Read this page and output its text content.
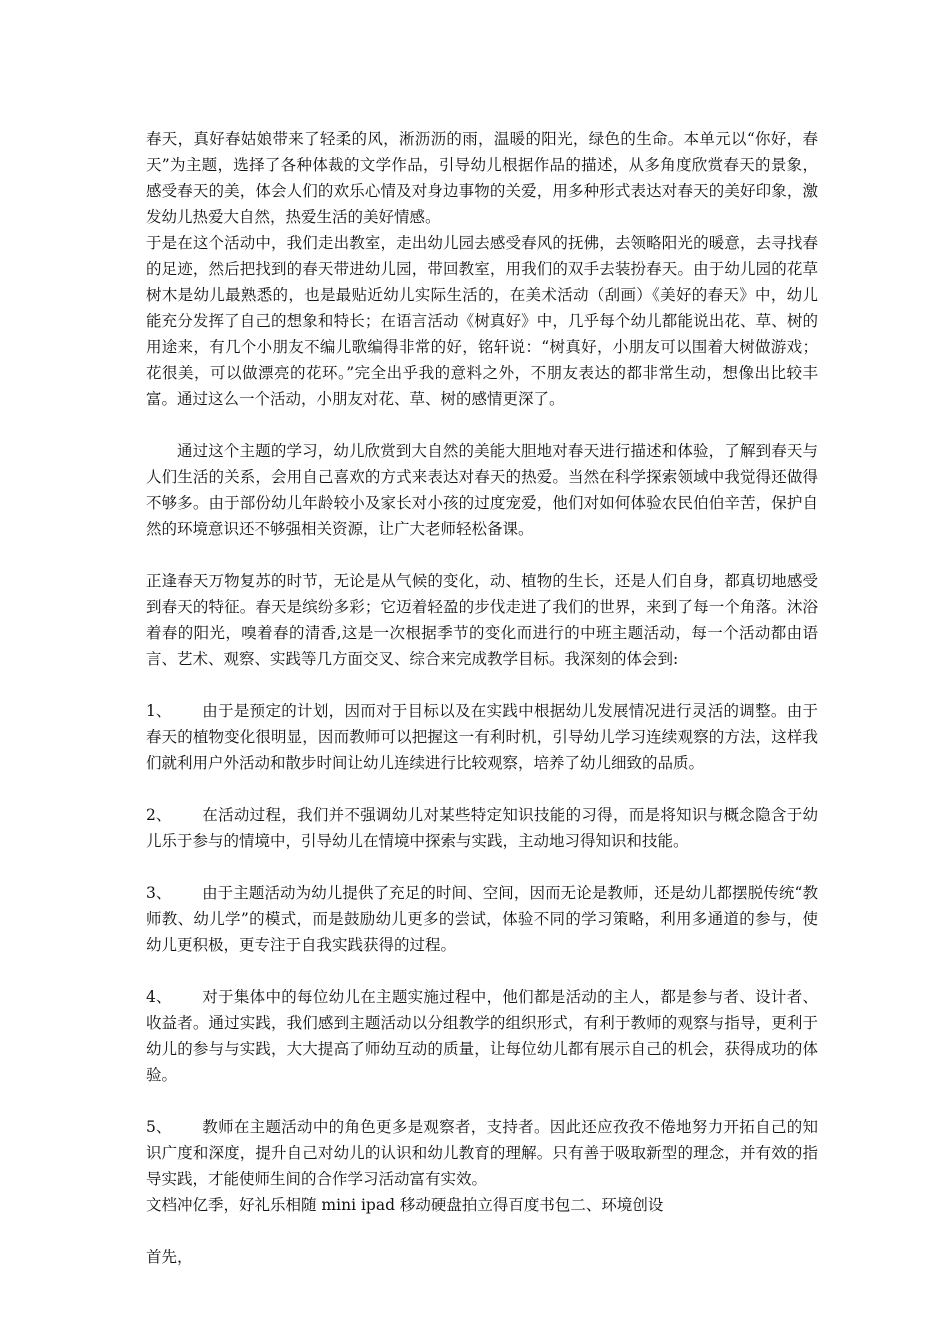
春天，真好春姑娘带来了轻柔的风，淅沥沥的雨，温暖的阳光，绿色的生命。本单元以“你好，春天”为主题，选择了各种体裁的文学作品，引导幼儿根据作品的描述，从多角度欣赏春天的景象，感受春天的美，体会人们的欢乐心情及对身边事物的关爱，用多种形式表达对春天的美好印象，激发幼儿热爱大自然，热爱生活的美好情感。

于是在这个活动中，我们走出教室，走出幼儿园去感受春风的抚佛，去领略阳光的暖意，去寻找春的足迹，然后把找到的春天带进幼儿园，带回教室，用我们的双手去装扮春天。由于幼儿园的花草树木是幼儿最熟悉的，也是最贴近幼儿实际生活的，在美术活动（刮画）《美好的春天》中，幼儿能充分发挥了自己的想象和特长；在语言活动《树真好》中，几乎每个幼儿都能说出花、草、树的用途来，有几个小朋友不编儿歌编得非常的好，铭轩说：“树真好，小朋友可以围着大树做游戏；花很美，可以做漂亮的花环。”完全出乎我的意料之外，不朋友表达的都非常生动，想像出比较丰富。通过这么一个活动，小朋友对花、草、树的感情更深了。

通过这个主题的学习，幼儿欣赏到大自然的美能大胆地对春天进行描述和体验，了解到春天与人们生活的关系，会用自己喜欢的方式来表达对春天的热爱。当然在科学探索领域中我觉得还做得不够多。由于部份幼儿年龄较小及家长对小孩的过度宠爱，他们对如何体验农民伯伯辛苦，保护自然的环境意识还不够强相关资源，让广大老师轻松备课。

正逢春天万物复苏的时节，无论是从气候的变化，动、植物的生长，还是人们自身，都真切地感受到春天的特征。春天是缤纷多彩；它迈着轻盈的步伐走进了我们的世界，来到了每一个角落。沐浴着春的阳光，嗅着春的清香,这是一次根据季节的变化而进行的中班主题活动，每一个活动都由语言、艺术、观察、实践等几方面交叉、综合来完成教学目标。我深刻的体会到:

1、 由于是预定的计划，因而对于目标以及在实践中根据幼儿发展情况进行灵活的调整。由于春天的植物变化很明显，因而教师可以把握这一有利时机，引导幼儿学习连续观察的方法，这样我们就利用户外活动和散步时间让幼儿连续进行比较观察，培养了幼儿细致的品质。

2、 在活动过程，我们并不强调幼儿对某些特定知识技能的习得，而是将知识与概念隐含于幼儿乐于参与的情境中，引导幼儿在情境中探索与实践，主动地习得知识和技能。

3、 由于主题活动为幼儿提供了充足的时间、空间，因而无论是教师，还是幼儿都摆脱传统“教师教、幼儿学”的模式，而是鼓励幼儿更多的尝试，体验不同的学习策略，利用多通道的参与，使幼儿更积极，更专注于自我实践获得的过程。

4、 对于集体中的每位幼儿在主题实施过程中，他们都是活动的主人，都是参与者、设计者、收益者。通过实践，我们感到主题活动以分组教学的组织形式，有利于教师的观察与指导，更利于幼儿的参与与实践，大大提高了师幼互动的质量，让每位幼儿都有展示自己的机会，获得成功的体验。

5、 教师在主题活动中的角色更多是观察者，支持者。因此还应孜孜不倦地努力开拓自己的知识广度和深度，提升自己对幼儿的认识和幼儿教育的理解。只有善于吸取新型的理念，并有效的指导实践，才能使师生间的合作学习活动富有实效。

文档冲亿季，好礼乐相随 mini ipad 移动硬盘拍立得百度书包二、环境创设

首先，
